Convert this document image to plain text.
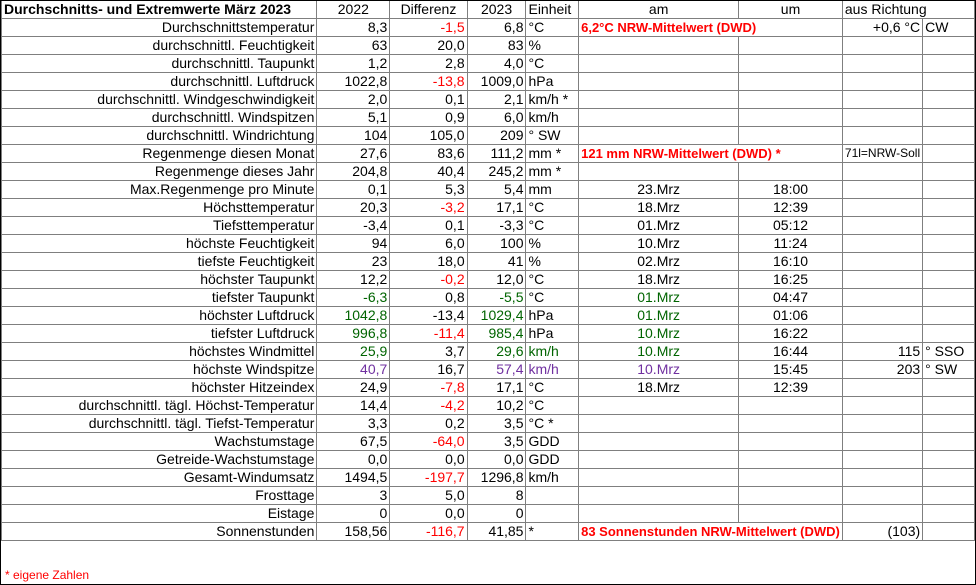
Durchschnitts- und Extremwerte März 2023	2022	Differenz	2023	Einheit	am	um	aus Richtung	
Durchschnittstemperatur	8,3	-1,5	6,8	°C	6,2°C NRW-Mittelwert (DWD)		+0,6 °C	CW
durchschnittl. Feuchtigkeit	63	20,0	83	%				
durchschnittl. Taupunkt	1,2	2,8	4,0	°C				
durchschnittl. Luftdruck	1022,8	-13,8	1009,0	hPa				
durchschnittl. Windgeschwindigkeit	2,0	0,1	2,1	km/h *				
durchschnittl. Windspitzen	5,1	0,9	6,0	km/h				
durchschnittl. Windrichtung	104	105,0	209	° SW				
Regenmenge diesen Monat	27,6	83,6	111,2	mm *	121 mm NRW-Mittelwert (DWD) *		71l=NRW-Soll	
Regenmenge dieses Jahr	204,8	40,4	245,2	mm *				
Max.Regenmenge pro Minute	0,1	5,3	5,4	mm	23.Mrz	18:00		
Höchsttemperatur	20,3	-3,2	17,1	°C	18.Mrz	12:39		
Tiefsttemperatur	-3,4	0,1	-3,3	°C	01.Mrz	05:12		
höchste Feuchtigkeit	94	6,0	100	%	10.Mrz	11:24		
tiefste Feuchtigkeit	23	18,0	41	%	02.Mrz	16:10		
höchster Taupunkt	12,2	-0,2	12,0	°C	18.Mrz	16:25		
tiefster Taupunkt	-6,3	0,8	-5,5	°C	01.Mrz	04:47		
höchster Luftdruck	1042,8	-13,4	1029,4	hPa	01.Mrz	01:06		
tiefster Luftdruck	996,8	-11,4	985,4	hPa	10.Mrz	16:22		
höchstes Windmittel	25,9	3,7	29,6	km/h	10.Mrz	16:44	115	° SSO
höchste Windspitze	40,7	16,7	57,4	km/h	10.Mrz	15:45	203	° SW
höchster Hitzeindex	24,9	-7,8	17,1	°C	18.Mrz	12:39		
durchschnittl. tägl. Höchst-Temperatur	14,4	-4,2	10,2	°C				
durchschnittl. tägl. Tiefst-Temperatur	3,3	0,2	3,5	°C *				
Wachstumstage	67,5	-64,0	3,5	GDD				
Getreide-Wachstumstage	0,0	0,0	0,0	GDD				
Gesamt-Windumsatz	1494,5	-197,7	1296,8	km/h				
Frosttage	3	5,0	8					
Eistage	0	0,0	0					
Sonnenstunden	158,56	-116,7	41,85	*	83 Sonnenstunden NRW-Mittelwert (DWD)		(103)	
* eigene Zahlen
